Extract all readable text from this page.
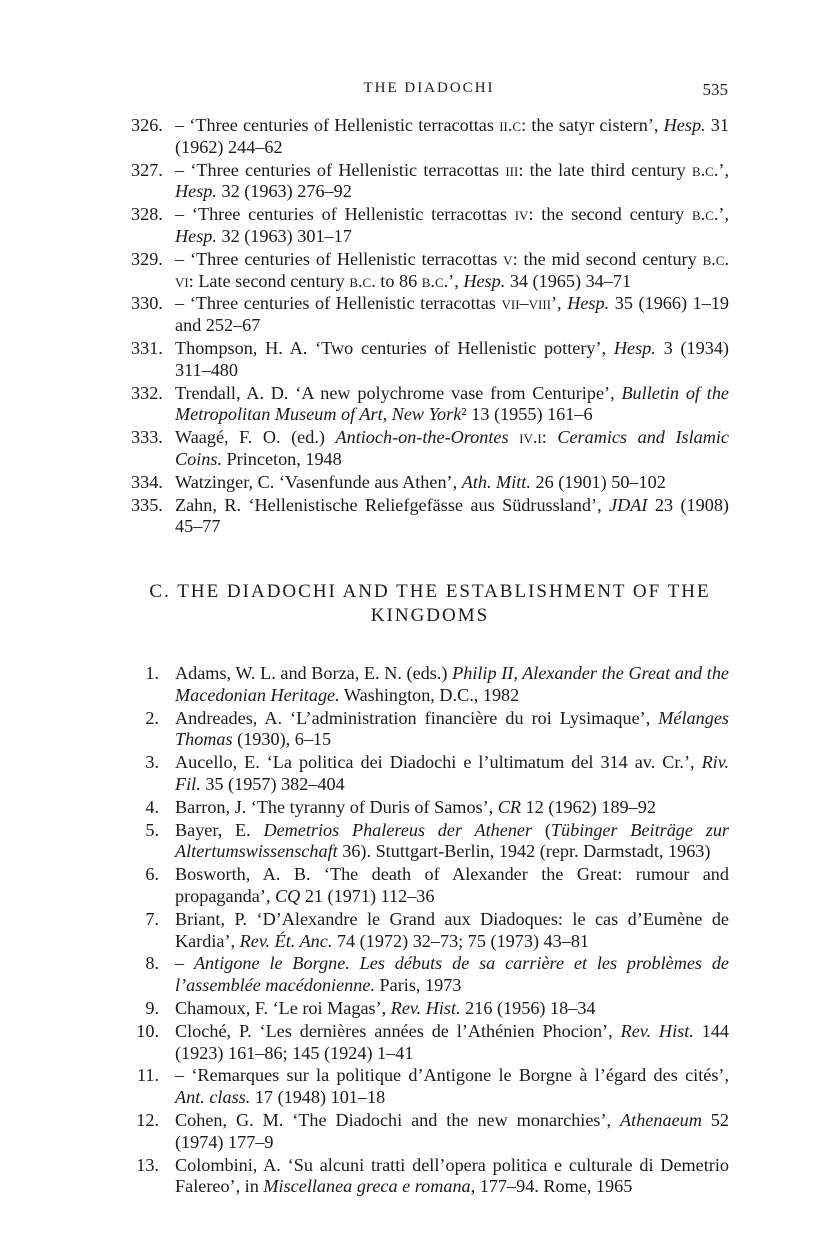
THE DIADOCHI	535
326. – ‘Three centuries of Hellenistic terracottas ii.c: the satyr cistern’, Hesp. 31 (1962) 244–62
327. – ‘Three centuries of Hellenistic terracottas iii: the late third century b.c.’, Hesp. 32 (1963) 276–92
328. – ‘Three centuries of Hellenistic terracottas iv: the second century b.c.’, Hesp. 32 (1963) 301–17
329. – ‘Three centuries of Hellenistic terracottas v: the mid second century b.c. vi: Late second century b.c. to 86 b.c.’, Hesp. 34 (1965) 34–71
330. – ‘Three centuries of Hellenistic terracottas vii–viii’, Hesp. 35 (1966) 1–19 and 252–67
331. Thompson, H. A. ‘Two centuries of Hellenistic pottery’, Hesp. 3 (1934) 311–480
332. Trendall, A. D. ‘A new polychrome vase from Centuripe’, Bulletin of the Metropolitan Museum of Art, New York² 13 (1955) 161–6
333. Waagé, F. O. (ed.) Antioch-on-the-Orontes iv.i: Ceramics and Islamic Coins. Princeton, 1948
334. Watzinger, C. ‘Vasenfunde aus Athen’, Ath. Mitt. 26 (1901) 50–102
335. Zahn, R. ‘Hellenistische Reliefgefässe aus Südrussland’, JDAI 23 (1908) 45–77
C. THE DIADOCHI AND THE ESTABLISHMENT OF THE KINGDOMS
1. Adams, W. L. and Borza, E. N. (eds.) Philip II, Alexander the Great and the Macedonian Heritage. Washington, D.C., 1982
2. Andreades, A. ‘L’administration financière du roi Lysimaque’, Mélanges Thomas (1930), 6–15
3. Aucello, E. ‘La politica dei Diadochi e l’ultimatum del 314 av. Cr.’, Riv. Fil. 35 (1957) 382–404
4. Barron, J. ‘The tyranny of Duris of Samos’, CR 12 (1962) 189–92
5. Bayer, E. Demetrios Phalereus der Athener (Tübinger Beiträge zur Altertumswissenschaft 36). Stuttgart-Berlin, 1942 (repr. Darmstadt, 1963)
6. Bosworth, A. B. ‘The death of Alexander the Great: rumour and propaganda’, CQ 21 (1971) 112–36
7. Briant, P. ‘D’Alexandre le Grand aux Diadoques: le cas d’Eumène de Kardia’, Rev. Ét. Anc. 74 (1972) 32–73; 75 (1973) 43–81
8. – Antigone le Borgne. Les débuts de sa carrière et les problèmes de l’assemblée macédonienne. Paris, 1973
9. Chamoux, F. ‘Le roi Magas’, Rev. Hist. 216 (1956) 18–34
10. Cloché, P. ‘Les dernières années de l’Athénien Phocion’, Rev. Hist. 144 (1923) 161–86; 145 (1924) 1–41
11. – ‘Remarques sur la politique d’Antigone le Borgne à l’égard des cités’, Ant. class. 17 (1948) 101–18
12. Cohen, G. M. ‘The Diadochi and the new monarchies’, Athenaeum 52 (1974) 177–9
13. Colombini, A. ‘Su alcuni tratti dell’opera politica e culturale di Demetrio Falereo’, in Miscellanea greca e romana, 177–94. Rome, 1965
